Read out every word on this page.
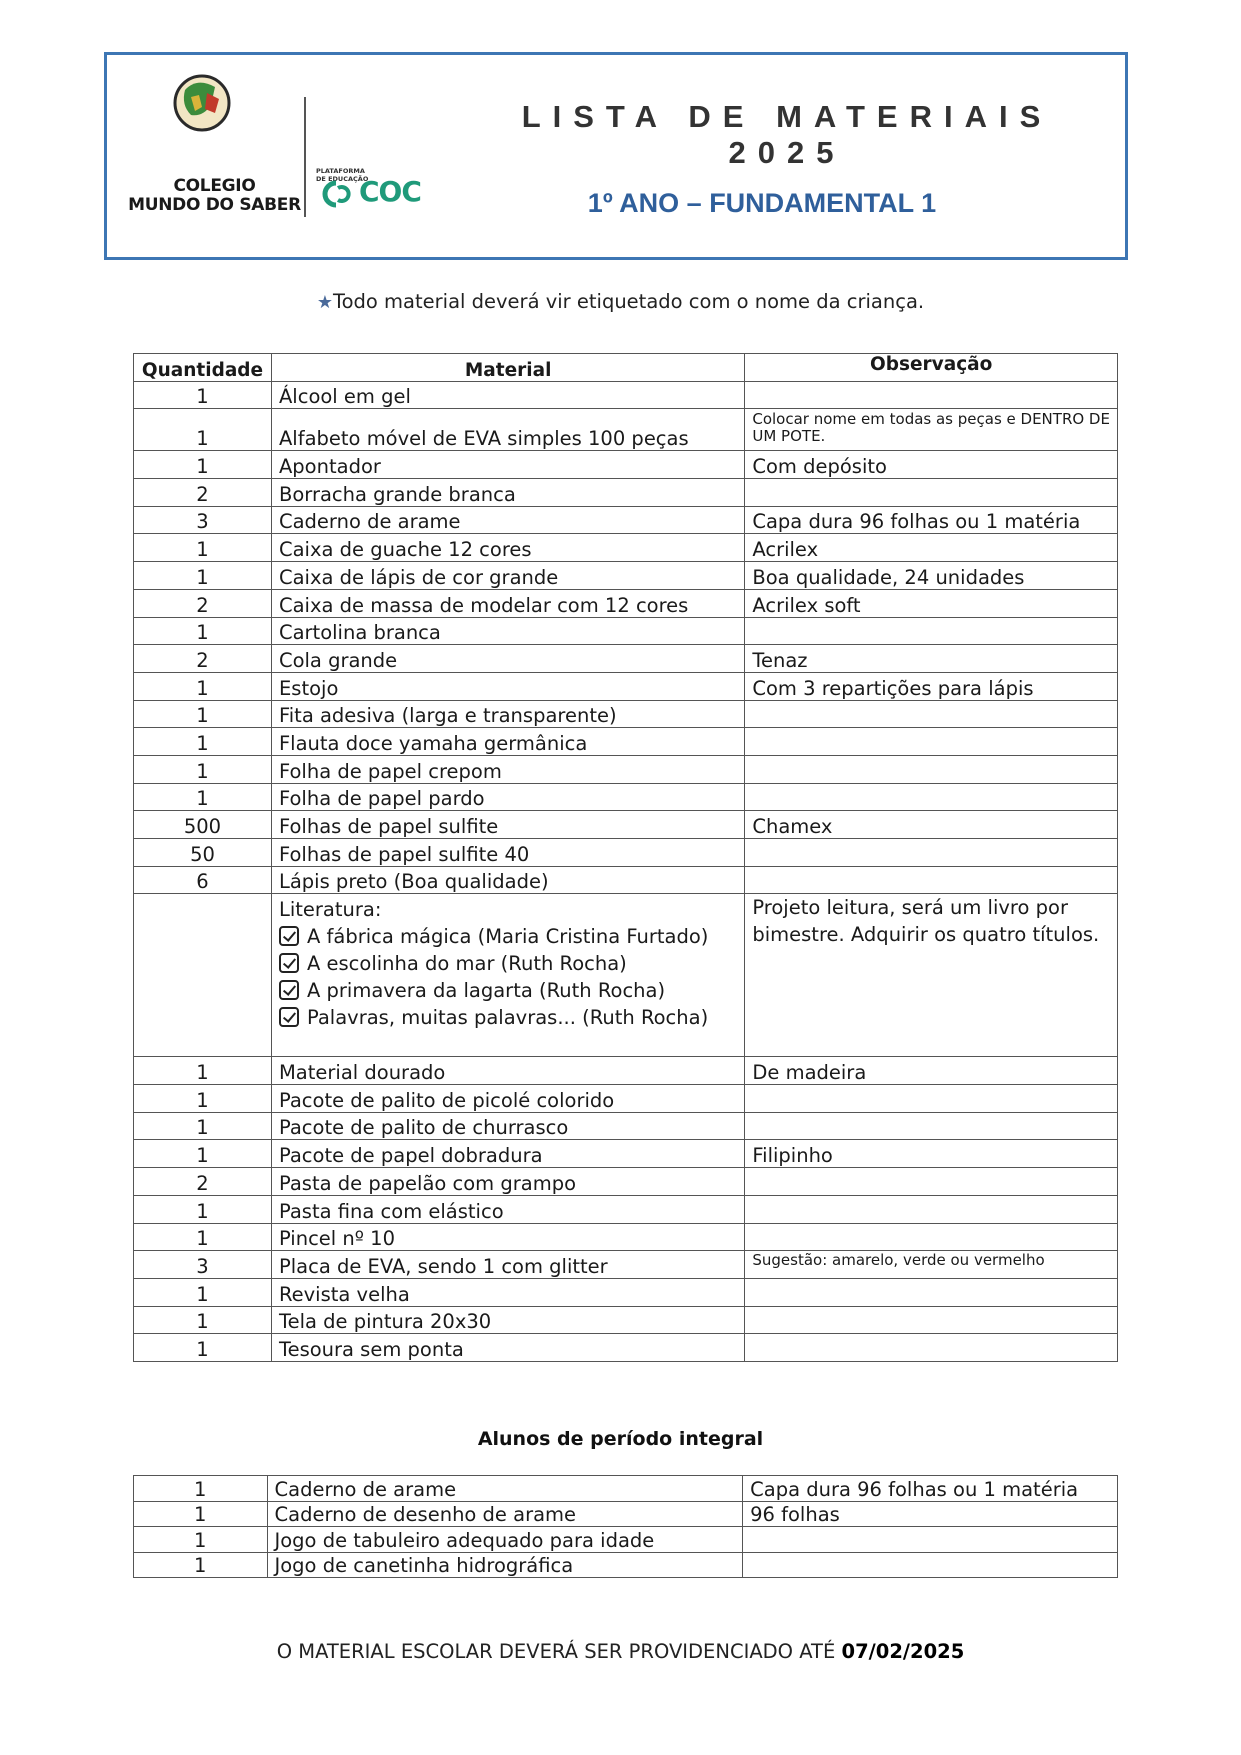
COLEGIO
MUNDO DO SABER
PLATAFORMA
DE EDUCAÇÃO
COC
LISTA DE MATERIAIS 2025
1º ANO – FUNDAMENTAL 1
★Todo material deverá vir etiquetado com o nome da criança.
Quantidade	Material	Observação
1	Álcool em gel	
1	Alfabeto móvel de EVA simples 100 peças	Colocar nome em todas as peças e DENTRO DE UM POTE.
1	Apontador	Com depósito
2	Borracha grande branca	
3	Caderno de arame	Capa dura 96 folhas ou 1 matéria
1	Caixa de guache 12 cores	Acrilex
1	Caixa de lápis de cor grande	Boa qualidade, 24 unidades
2	Caixa de massa de modelar com 12 cores	Acrilex soft
1	Cartolina branca	
2	Cola grande	Tenaz
1	Estojo	Com 3 repartições para lápis
1	Fita adesiva (larga e transparente)	
1	Flauta doce yamaha germânica	
1	Folha de papel crepom	
1	Folha de papel pardo	
500	Folhas de papel sulfite	Chamex
50	Folhas de papel sulfite 40	
6	Lápis preto (Boa qualidade)	

	Literatura:
A fábrica mágica (Maria Cristina Furtado)
A escolinha do mar (Ruth Rocha)
A primavera da lagarta (Ruth Rocha)
Palavras, muitas palavras... (Ruth Rocha)	Projeto leitura, será um livro por bimestre. Adquirir os quatro títulos.
1	Material dourado	De madeira
1	Pacote de palito de picolé colorido	
1	Pacote de palito de churrasco	
1	Pacote de papel dobradura	Filipinho
2	Pasta de papelão com grampo	
1	Pasta fina com elástico	
1	Pincel nº 10	
3	Placa de EVA, sendo 1 com glitter	Sugestão: amarelo, verde ou vermelho
1	Revista velha	
1	Tela de pintura 20x30	
1	Tesoura sem ponta	
Alunos de período integral
1	Caderno de arame	Capa dura 96 folhas ou 1 matéria
1	Caderno de desenho de arame	96 folhas
1	Jogo de tabuleiro adequado para idade	
1	Jogo de canetinha hidrográfica	
O MATERIAL ESCOLAR DEVERÁ SER PROVIDENCIADO ATÉ 07/02/2025
